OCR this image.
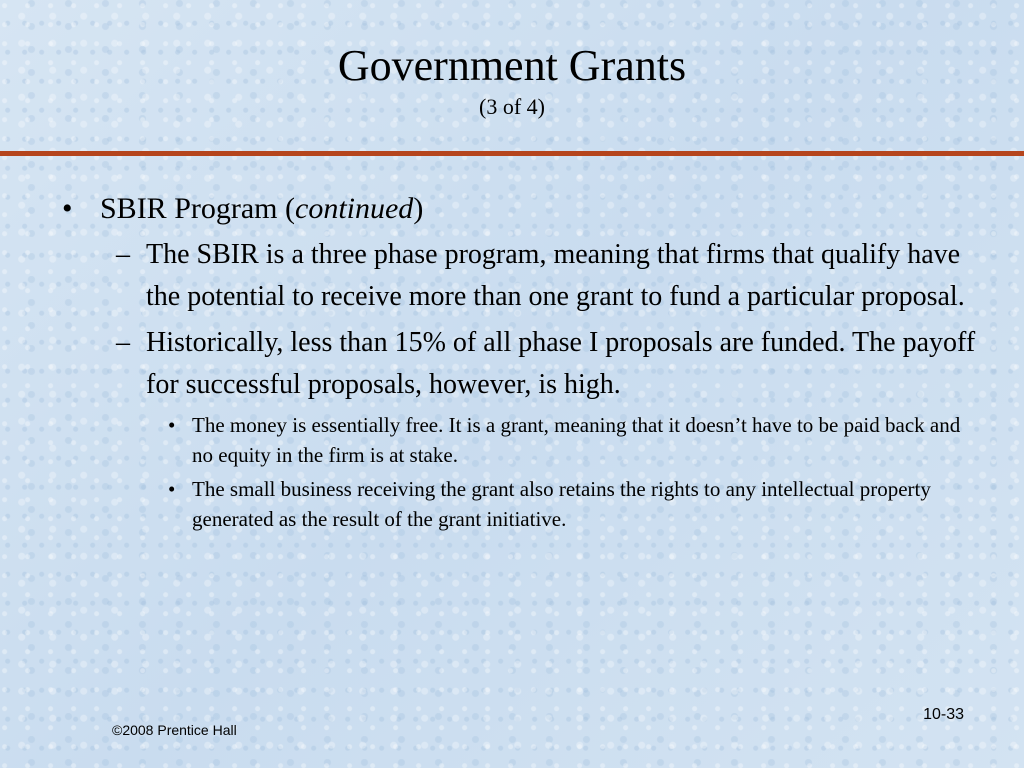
Government Grants
(3 of 4)
• SBIR Program (continued)
– The SBIR is a three phase program, meaning that firms that qualify have the potential to receive more than one grant to fund a particular proposal.
– Historically, less than 15% of all phase I proposals are funded. The payoff for successful proposals, however, is high.
• The money is essentially free. It is a grant, meaning that it doesn’t have to be paid back and no equity in the firm is at stake.
• The small business receiving the grant also retains the rights to any intellectual property generated as the result of the grant initiative.
©2008 Prentice Hall
10-33
